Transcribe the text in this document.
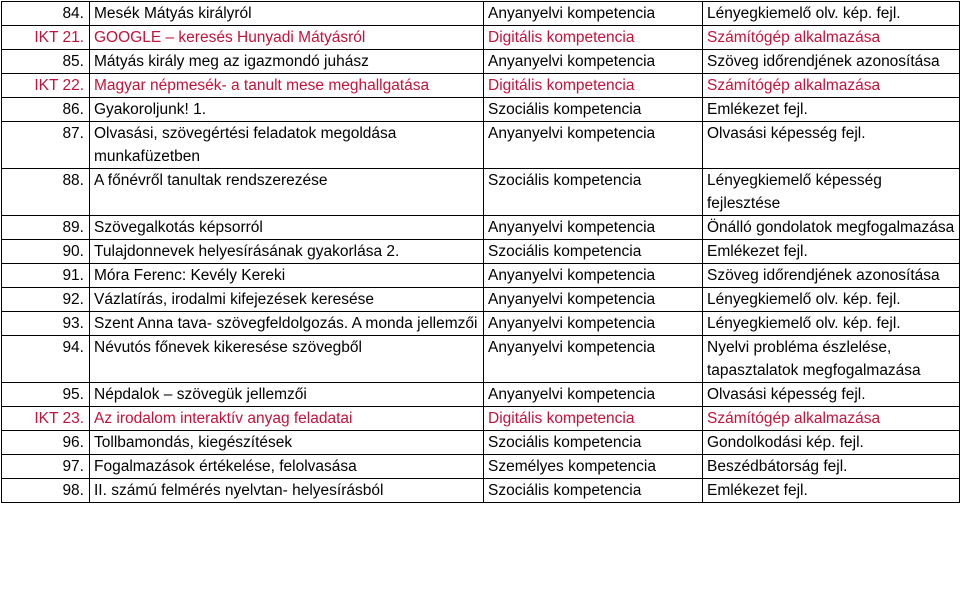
84.	Mesék Mátyás királyról	Anyanyelvi kompetencia	Lényegkiemelő olv. kép. fejl.
IKT 21.	GOOGLE – keresés Hunyadi Mátyásról	Digitális kompetencia	Számítógép alkalmazása
85.	Mátyás király meg az igazmondó juhász	Anyanyelvi kompetencia	Szöveg időrendjének azonosítása
IKT 22.	Magyar népmesék- a tanult mese meghallgatása	Digitális kompetencia	Számítógép alkalmazása
86.	Gyakoroljunk! 1.	Szociális kompetencia	Emlékezet fejl.
87.	Olvasási, szövegértési feladatok megoldása munkafüzetben	Anyanyelvi kompetencia	Olvasási képesség fejl.
88.	A főnévről tanultak rendszerezése	Szociális kompetencia	Lényegkiemelő képesség fejlesztése
89.	Szövegalkotás képsorról	Anyanyelvi kompetencia	Önálló gondolatok megfogalmazása
90.	Tulajdonnevek helyesírásának gyakorlása 2.	Szociális kompetencia	Emlékezet fejl.
91.	Móra Ferenc: Kevély Kereki	Anyanyelvi kompetencia	Szöveg időrendjének azonosítása
92.	Vázlatírás, irodalmi kifejezések keresése	Anyanyelvi kompetencia	Lényegkiemelő olv. kép. fejl.
93.	Szent Anna tava- szövegfeldolgozás. A monda jellemzői	Anyanyelvi kompetencia	Lényegkiemelő olv. kép. fejl.
94.	Névutós főnevek kikeresése szövegből	Anyanyelvi kompetencia	Nyelvi probléma észlelése, tapasztalatok megfogalmazása
95.	Népdalok – szövegük jellemzői	Anyanyelvi kompetencia	Olvasási képesség fejl.
IKT 23.	Az irodalom interaktív anyag feladatai	Digitális kompetencia	Számítógép alkalmazása
96.	Tollbamondás, kiegészítések	Szociális kompetencia	Gondolkodási kép. fejl.
97.	Fogalmazások értékelése, felolvasása	Személyes kompetencia	Beszédbátorság fejl.
98.	II. számú felmérés nyelvtan- helyesírásból	Szociális kompetencia	Emlékezet fejl.
